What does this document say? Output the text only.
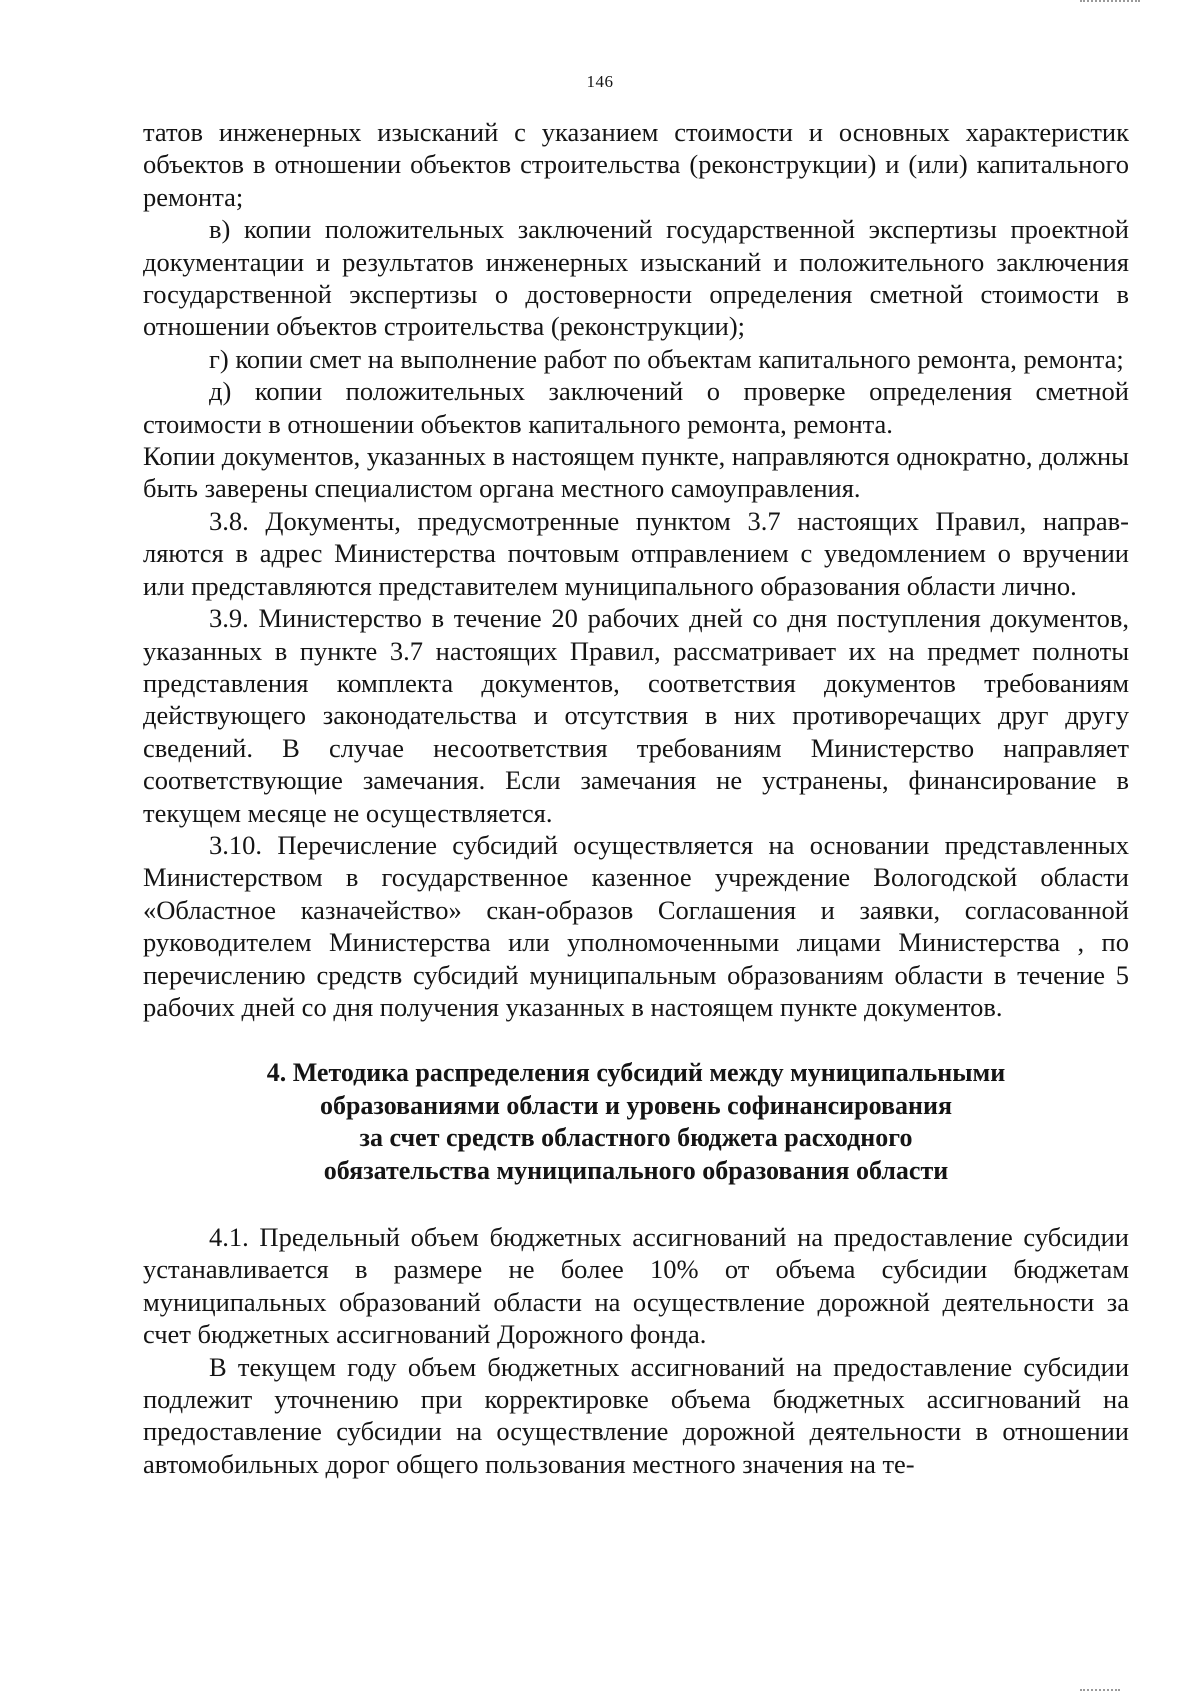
146

татов инженерных изысканий с указанием стоимости и основных характеристик объектов в отношении объектов строительства (реконструкции) и (или) капитального ремонта;

в) копии положительных заключений государственной экспертизы проектной документации и результатов инженерных изысканий и положительного заключения государственной экспертизы о достоверности определения сметной стоимости в отношении объектов строительства (реконструкции);

г) копии смет на выполнение работ по объектам капитального ремонта, ремонта;

д) копии положительных заключений о проверке определения сметной стоимости в отношении объектов капитального ремонта, ремонта.

Копии документов, указанных в настоящем пункте, направляются однократно, должны быть заверены специалистом органа местного самоуправления.

3.8. Документы, предусмотренные пунктом 3.7 настоящих Правил, направляются в адрес Министерства почтовым отправлением с уведомлением о вручении или представляются представителем муниципального образования области лично.

3.9. Министерство в течение 20 рабочих дней со дня поступления документов, указанных в пункте 3.7 настоящих Правил, рассматривает их на предмет полноты представления комплекта документов, соответствия документов требованиям действующего законодательства и отсутствия в них противоречащих друг другу сведений. В случае несоответствия требованиям Министерство направляет соответствующие замечания. Если замечания не устранены, финансирование в текущем месяце не осуществляется.

3.10. Перечисление субсидий осуществляется на основании представленных Министерством в государственное казенное учреждение Вологодской области «Областное казначейство» скан-образов Соглашения и заявки, согласованной руководителем Министерства или уполномоченными лицами Министерства , по перечислению средств субсидий муниципальным образованиям области в течение 5 рабочих дней со дня получения указанных в настоящем пункте документов.

4. Методика распределения субсидий между муниципальными
образованиями области и уровень софинансирования
за счет средств областного бюджета расходного
обязательства муниципального образования области

4.1. Предельный объем бюджетных ассигнований на предоставление субсидии устанавливается в размере не более 10% от объема субсидии бюджетам муниципальных образований области на осуществление дорожной деятельности за счет бюджетных ассигнований Дорожного фонда.

В текущем году объем бюджетных ассигнований на предоставление субсидии подлежит уточнению при корректировке объема бюджетных ассигнований на предоставление субсидии на осуществление дорожной деятельности в отношении автомобильных дорог общего пользования местного значения на те-
